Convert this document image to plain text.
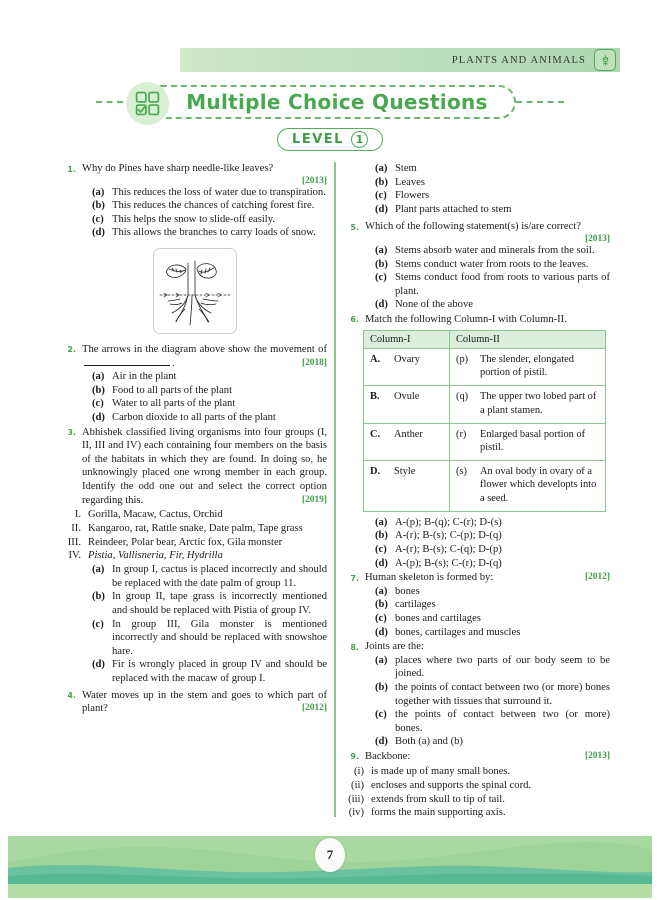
PLANTS AND ANIMALS
Multiple Choice Questions
LEVEL	1
1. Why do Pines have sharp needle-like leaves?
[2013]
(a) This reduces the loss of water due to transpiration.
(b) This reduces the chances of catching forest fire.
(c) This helps the snow to slide-off easily.
(d) This allows the branches to carry loads of snow.
2. The arrows in the diagram above show the movement of.	[2018]
(a) Air in the plant
(b) Food to all parts of the plant
(c) Water to all parts of the plant
(d) Carbon dioxide to all parts of the plant
3. Abhishek classified living organisms into four groups (I, II, III and IV) each containing four members on the basis of the habitats in which they are found. In doing so, he unknowingly placed one wrong member in each group. Identify the odd one out and select the correct option regarding this.	[2019]
I. Gorilla, Macaw, Cactus, Orchid
II. Kangaroo, rat, Rattle snake, Date palm, Tape grass
III. Reindeer, Polar bear, Arctic fox, Gila monster
IV. Pistia, Vallisneria, Fir, Hydrilla
(a) In group I, cactus is placed incorrectly and should be replaced with the date palm of group 11.
(b) In group II, tape grass is incorrectly mentioned and should be replaced with Pistia of group IV.
(c) In group III, Gila monster is mentioned incorrectly and should be replaced with snowshoe hare.
(d) Fir is wrongly placed in group IV and should be replaced with the macaw of group I.
4. Water moves up in the stem and goes to which part of plant?	[2012]
(a) Stem
(b) Leaves
(c) Flowers
(d) Plant parts attached to stem
5. Which of the following statement(s) is/are correct?
[2013]
(a) Stems absorb water and minerals from the soil.
(b) Stems conduct water from roots to the leaves.
(c) Stems conduct food from roots to various parts of plant.
(d) None of the above
6. Match the following Column-I with Column-II.
Column-I	Column-II

A. Ovary	(p) The slender, elongated portion of pistil.

B. Ovule	(q) The upper two lobed part of a plant stamen.

C. Anther	(r) Enlarged basal portion of pistil.

D. Style	(s) An oval body in ovary of a flower which developts into a seed.
(a) A-(p); B-(q); C-(r); D-(s)
(b) A-(r); B-(s); C-(p); D-(q)
(c) A-(r); B-(s); C-(q); D-(p)
(d) A-(p); B-(s); C-(r); D-(q)
7. Human skeleton is formed by:	[2012]
(a) bones
(b) cartilages
(c) bones and cartilages
(d) bones, cartilages and muscles
8. Joints are the:
(a) places where two parts of our body seem to be joined.
(b) the points of contact between two (or more) bones together with tissues that surround it.
(c) the points of contact between two (or more) bones.
(d) Both (a) and (b)
9. Backbone:	[2013]
(i) is made up of many small bones.
(ii) encloses and supports the spinal cord.
(iii) extends from skull to tip of tail.
(iv) forms the main supporting axis.
7
